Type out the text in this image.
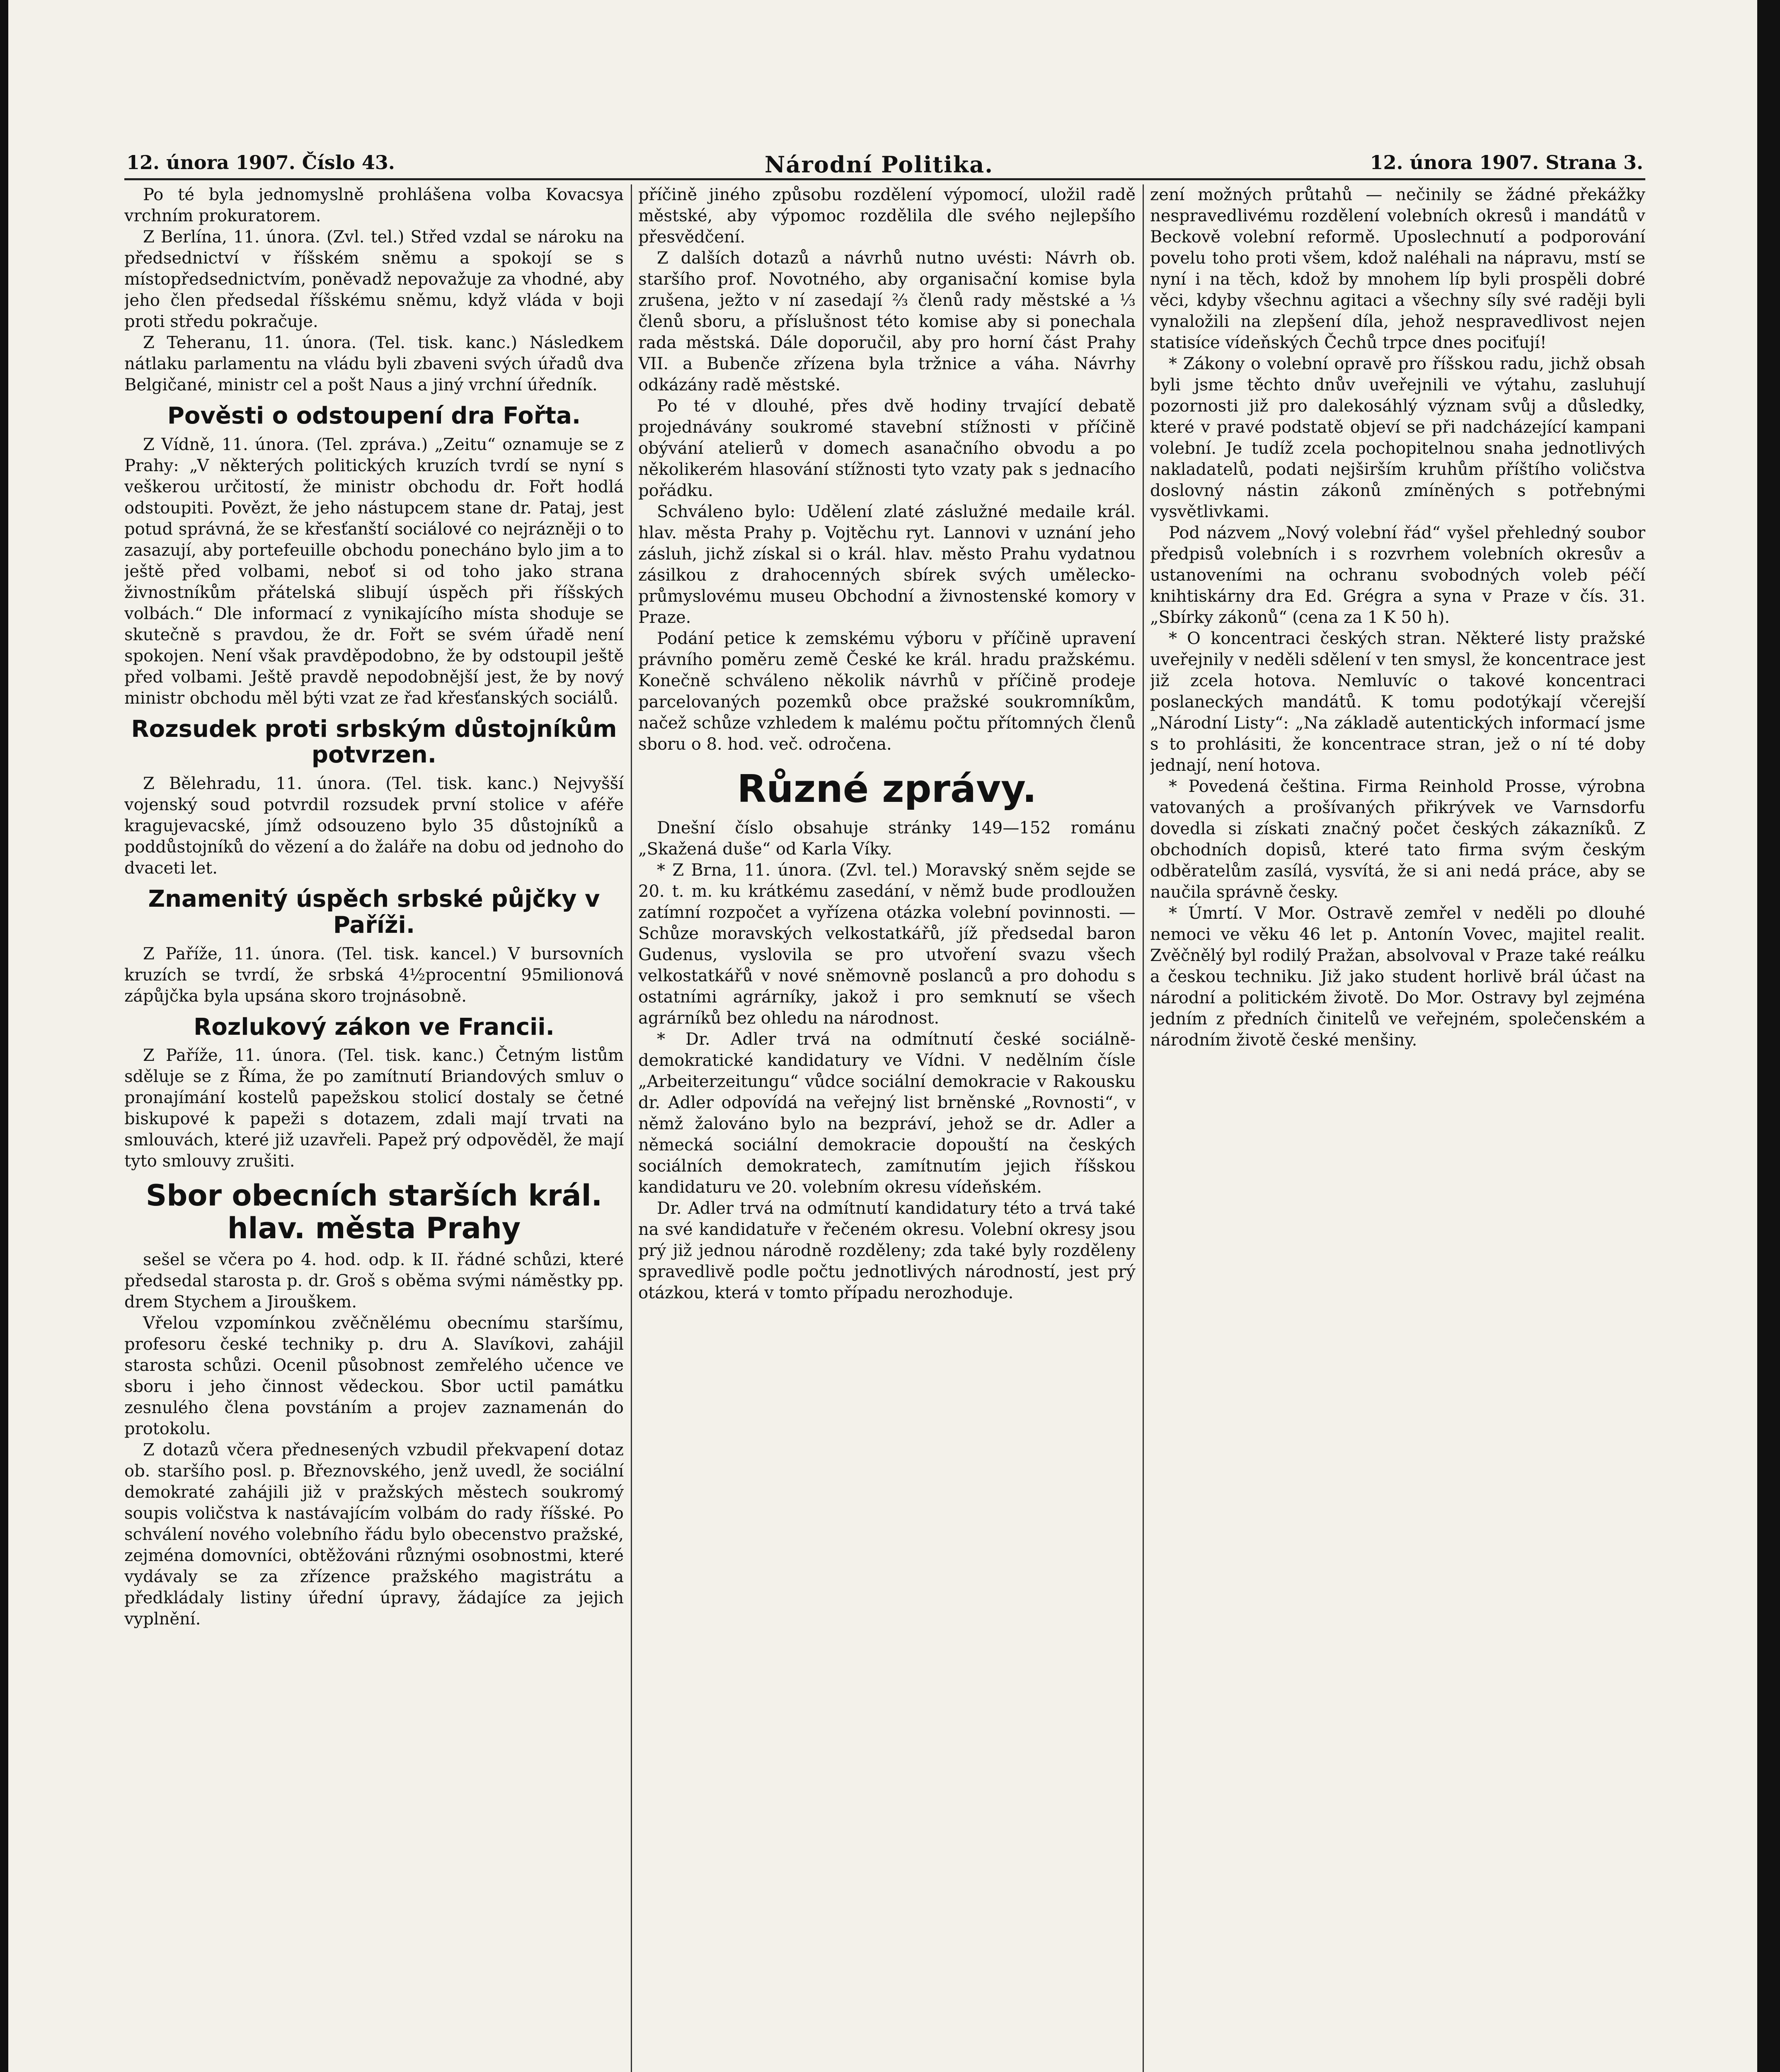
12. února 1907. Číslo 43.	Národní Politika.	12. února 1907. Strana 3.

Po té byla jednomyslně prohlášena volba Kovacsya vrchním prokuratorem.

Z Berlína, 11. února. (Zvl. tel.) Střed vzdal se nároku na předsednictví v říšském sněmu a spokojí se s místopředsednictvím, poněvadž nepovažuje za vhodné, aby jeho člen předsedal říšskému sněmu, když vláda v boji proti středu pokračuje.

Z Teheranu, 11. února. (Tel. tisk. kanc.) Následkem nátlaku parlamentu na vládu byli zbaveni svých úřadů dva Belgičané, ministr cel a pošt Naus a jiný vrchní úředník.

Pověsti o odstoupení dra Fořta.

Z Vídně, 11. února. (Tel. zpráva.) „Zeitu“ oznamuje se z Prahy: „V některých politických kruzích tvrdí se nyní s veškerou určitostí, že ministr obchodu dr. Fořt hodlá odstoupiti. Povězt, že jeho nástupcem stane dr. Pataj, jest potud správná, že se křesťanští sociálové co nejrázněji o to zasazují, aby portefeuille obchodu ponecháno bylo jim a to ještě před volbami, neboť si od toho jako strana živnostníkům přátelská slibují úspěch při říšských volbách.“ Dle informací z vynikajícího místa shoduje se skutečně s pravdou, že dr. Fořt se svém úřadě není spokojen. Není však pravděpodobno, že by odstoupil ještě před volbami. Ještě pravdě nepodobnější jest, že by nový ministr obchodu měl býti vzat ze řad křesťanských sociálů.

Rozsudek proti srbským důstojníkům potvrzen.

Z Bělehradu, 11. února. (Tel. tisk. kanc.) Nejvyšší vojenský soud potvrdil rozsudek první stolice v aféře kragujevacské, jímž odsouzeno bylo 35 důstojníků a poddůstojníků do vězení a do žaláře na dobu od jednoho do dvaceti let.

Znamenitý úspěch srbské půjčky v Paříži.

Z Paříže, 11. února. (Tel. tisk. kancel.) V bursovních kruzích se tvrdí, že srbská 4½procentní 95milionová zápůjčka byla upsána skoro trojnásobně.

Rozlukový zákon ve Francii.

Z Paříže, 11. února. (Tel. tisk. kanc.) Četným listům sděluje se z Říma, že po zamítnutí Briandových smluv o pronajímání kostelů papežskou stolicí dostaly se četné biskupové k papeži s dotazem, zdali mají trvati na smlouvách, které již uzavřeli. Papež prý odpověděl, že mají tyto smlouvy zrušiti.

Sbor obecních starších král. hlav. města Prahy

sešel se včera po 4. hod. odp. k II. řádné schůzi, které předsedal starosta p. dr. Groš s oběma svými náměstky pp. drem Stychem a Jirouškem.

Vřelou vzpomínkou zvěčnělému obecnímu staršímu, profesoru české techniky p. dru A. Slavíkovi, zahájil starosta schůzi. Ocenil působnost zemřelého učence ve sboru i jeho činnost vědeckou. Sbor uctil památku zesnulého člena povstáním a projev zaznamenán do protokolu.

Z dotazů včera přednesených vzbudil překvapení dotaz ob. staršího posl. p. Březnovského, jenž uvedl, že sociální demokraté zahájili již v pražských městech soukromý soupis voličstva k nastávajícím volbám do rady říšské. Po schválení nového volebního řádu bylo obecenstvo pražské, zejména domovníci, obtěžováni různými osobnostmi, které vydávaly se za zřízence pražského magistrátu a předkládaly listiny úřední úpravy, žádajíce za jejich vyplnění.

příčině jiného způsobu rozdělení výpomocí, uložil radě městské, aby výpomoc rozdělila dle svého nejlepšího přesvědčení.

Z dalších dotazů a návrhů nutno uvésti: Návrh ob. staršího prof. Novotného, aby organisační komise byla zrušena, ježto v ní zasedají ⅔ členů rady městské a ⅓ členů sboru, a příslušnost této komise aby si ponechala rada městská. Dále doporučil, aby pro horní část Prahy VII. a Bubenče zřízena byla tržnice a váha. Návrhy odkázány radě městské.

Po té v dlouhé, přes dvě hodiny trvající debatě projednávány soukromé stavební stížnosti v příčině obývání atelierů v domech asanačního obvodu a po několikerém hlasování stížnosti tyto vzaty pak s jednacího pořádku.

Schváleno bylo: Udělení zlaté záslužné medaile král. hlav. města Prahy p. Vojtěchu ryt. Lannovi v uznání jeho zásluh, jichž získal si o král. hlav. město Prahu vydatnou zásilkou z drahocenných sbírek svých umělecko-průmyslovému museu Obchodní a živnostenské komory v Praze.

Podání petice k zemskému výboru v příčině upravení právního poměru země České ke král. hradu pražskému. Konečně schváleno několik návrhů v příčině prodeje parcelovaných pozemků obce pražské soukromníkům, načež schůze vzhledem k malému počtu přítomných členů sboru o 8. hod. več. odročena.

Různé zprávy.

Dnešní číslo obsahuje stránky 149—152 románu „Skažená duše“ od Karla Víky.

* Z Brna, 11. února. (Zvl. tel.) Moravský sněm sejde se 20. t. m. ku krátkému zasedání, v němž bude prodloužen zatímní rozpočet a vyřízena otázka volební povinnosti. — Schůze moravských velkostatkářů, jíž předsedal baron Gudenus, vyslovila se pro utvoření svazu všech velkostatkářů v nové sněmovně poslanců a pro dohodu s ostatními agrárníky, jakož i pro semknutí se všech agrárníků bez ohledu na národnost.

* Dr. Adler trvá na odmítnutí české sociálně-demokratické kandidatury ve Vídni. V nedělním čísle „Arbeiterzeitungu“ vůdce sociální demokracie v Rakousku dr. Adler odpovídá na veřejný list brněnské „Rovnosti“, v němž žalováno bylo na bezpráví, jehož se dr. Adler a německá sociální demokracie dopouští na českých sociálních demokratech, zamítnutím jejich říšskou kandidaturu ve 20. volebním okresu vídeňském.

Dr. Adler trvá na odmítnutí kandidatury této a trvá také na své kandidatuře v řečeném okresu. Volební okresy jsou prý již jednou národně rozděleny; zda také byly rozděleny spravedlivě podle počtu jednotlivých národností, jest prý otázkou, která v tomto případu nerozhoduje.

zení možných průtahů — nečinily se žádné překážky nespravedlivému rozdělení volebních okresů i mandátů v Beckově volební reformě. Uposlechnutí a podporování povelu toho proti všem, kdož naléhali na nápravu, mstí se nyní i na těch, kdož by mnohem líp byli prospěli dobré věci, kdyby všechnu agitaci a všechny síly své raději byli vynaložili na zlepšení díla, jehož nespravedlivost nejen statisíce vídeňských Čechů trpce dnes pociťují!

* Zákony o volební opravě pro říšskou radu, jichž obsah byli jsme těchto dnův uveřejnili ve výtahu, zasluhují pozornosti již pro dalekosáhlý význam svůj a důsledky, které v pravé podstatě objeví se při nadcházející kampani volební. Je tudíž zcela pochopitelnou snaha jednotlivých nakladatelů, podati nejširším kruhům příštího voličstva doslovný nástin zákonů zmíněných s potřebnými vysvětlivkami.

Pod názvem „Nový volební řád“ vyšel přehledný soubor předpisů volebních i s rozvrhem volebních okresův a ustanoveními na ochranu svobodných voleb péčí knihtiskárny dra Ed. Grégra a syna v Praze v čís. 31. „Sbírky zákonů“ (cena za 1 K 50 h).

* O koncentraci českých stran. Některé listy pražské uveřejnily v neděli sdělení v ten smysl, že koncentrace jest již zcela hotova. Nemluvíc o takové koncentraci poslaneckých mandátů. K tomu podotýkají včerejší „Národní Listy“: „Na základě autentických informací jsme s to prohlásiti, že koncentrace stran, jež o ní té doby jednají, není hotova.

* Povedená čeština. Firma Reinhold Prosse, výrobna vatovaných a prošívaných přikrývek ve Varnsdorfu dovedla si získati značný počet českých zákazníků. Z obchodních dopisů, které tato firma svým českým odběratelům zasílá, vysvítá, že si ani nedá práce, aby se naučila správně česky.

* Úmrtí. V Mor. Ostravě zemřel v neděli po dlouhé nemoci ve věku 46 let p. Antonín Vovec, majitel realit. Zvěčnělý byl rodilý Pražan, absolvoval v Praze také reálku a českou techniku. Již jako student horlivě brál účast na národní a politickém životě. Do Mor. Ostravy byl zejména jedním z předních činitelů ve veřejném, společenském a národním životě české menšiny.
